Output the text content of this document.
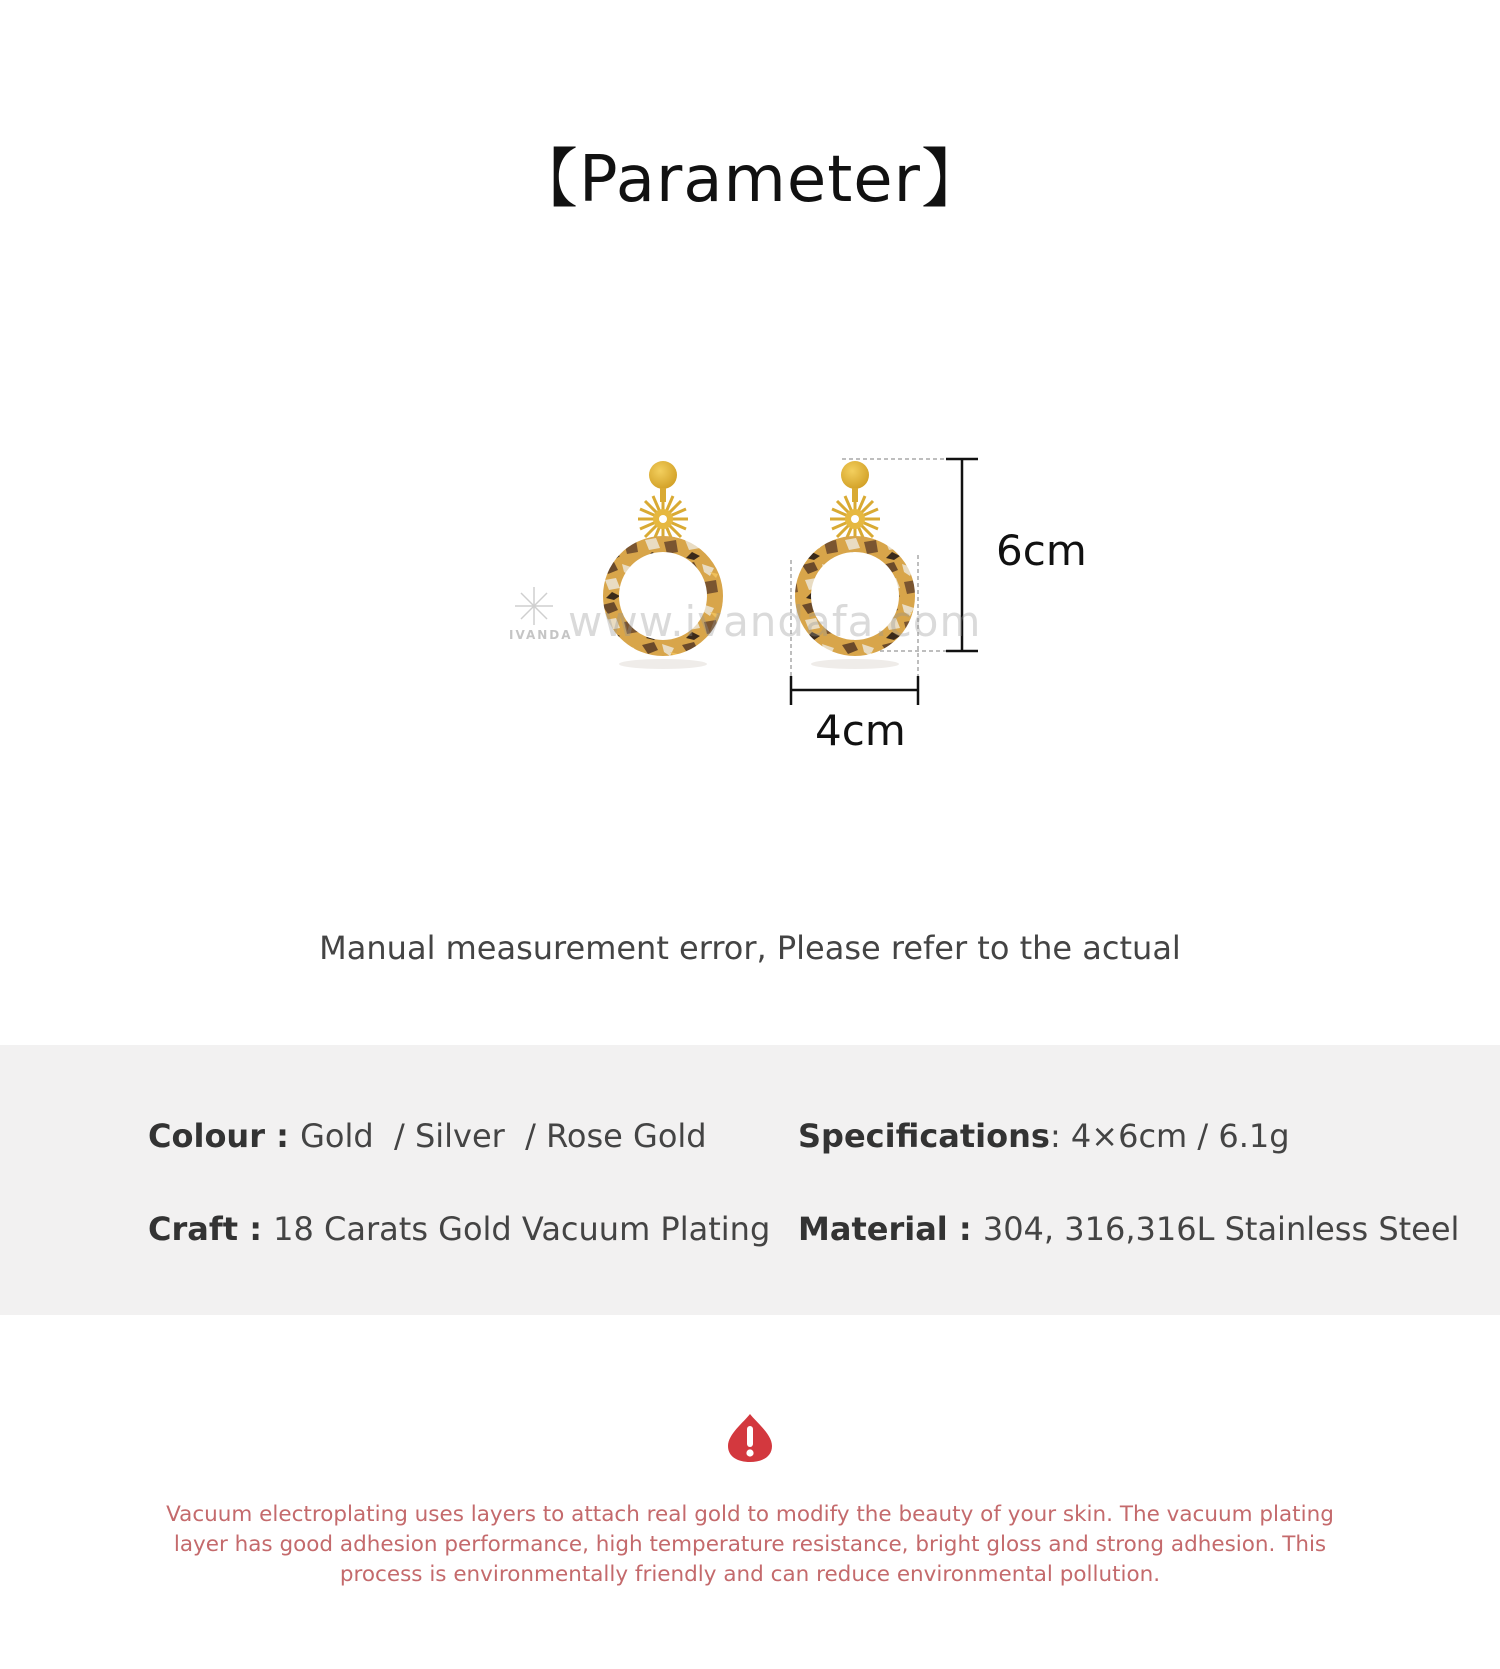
【Parameter】
www.ivandafa.com
IVANDA
6cm
4cm
Manual measurement error, Please refer to the actual
Colour : Gold  / Silver  / Rose Gold	Specifications: 4×6cm / 6.1g
Craft : 18 Carats Gold Vacuum Plating Material : 304, 316,316L Stainless Steel
Vacuum electroplating uses layers to attach real gold to modify the beauty of your skin. The vacuum plating layer has good adhesion performance, high temperature resistance, bright gloss and strong adhesion. This process is environmentally friendly and can reduce environmental pollution.
